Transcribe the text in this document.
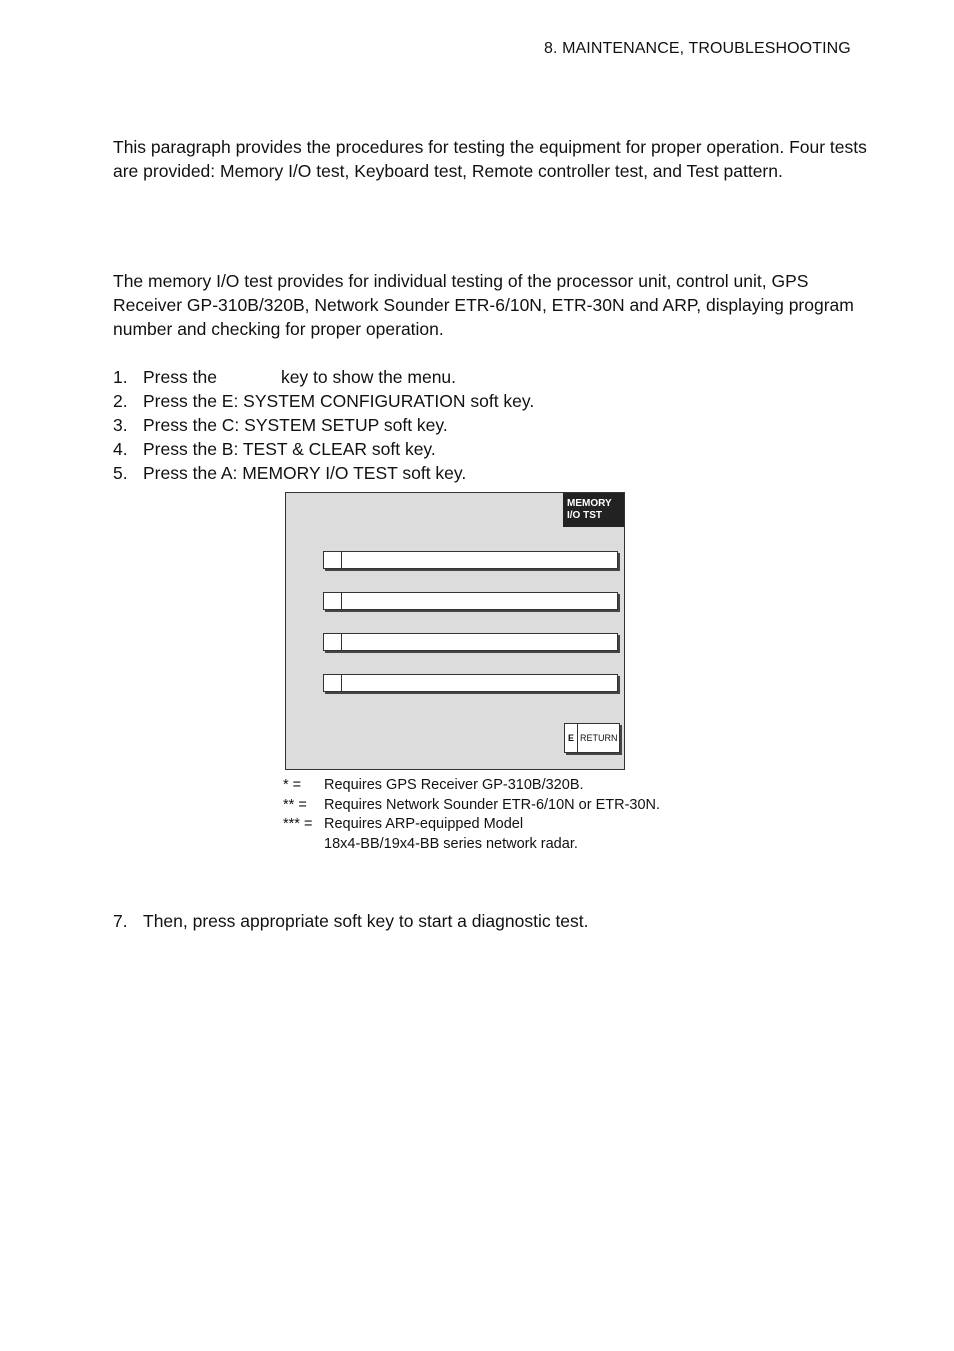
8. MAINTENANCE, TROUBLESHOOTING

This paragraph provides the procedures for testing the equipment for proper operation. Four tests are provided: Memory I/O test, Keyboard test, Remote controller test, and Test pattern.

The memory I/O test provides for individual testing of the processor unit, control unit, GPS Receiver GP-310B/320B, Network Sounder ETR-6/10N, ETR-30N and ARP, displaying program number and checking for proper operation.

1. Press the	key to show the menu.
2. Press the E: SYSTEM CONFIGURATION soft key.
3. Press the C: SYSTEM SETUP soft key.
4. Press the B: TEST & CLEAR soft key.
5. Press the A: MEMORY I/O TEST soft key.
MEMORY
I/O TST
E RETURN
* =	Requires GPS Receiver GP-310B/320B.
** =	Requires Network Sounder ETR-6/10N or ETR-30N.
*** = Requires ARP-equipped Model
18x4-BB/19x4-BB series network radar.
7. Then, press appropriate soft key to start a diagnostic test.
